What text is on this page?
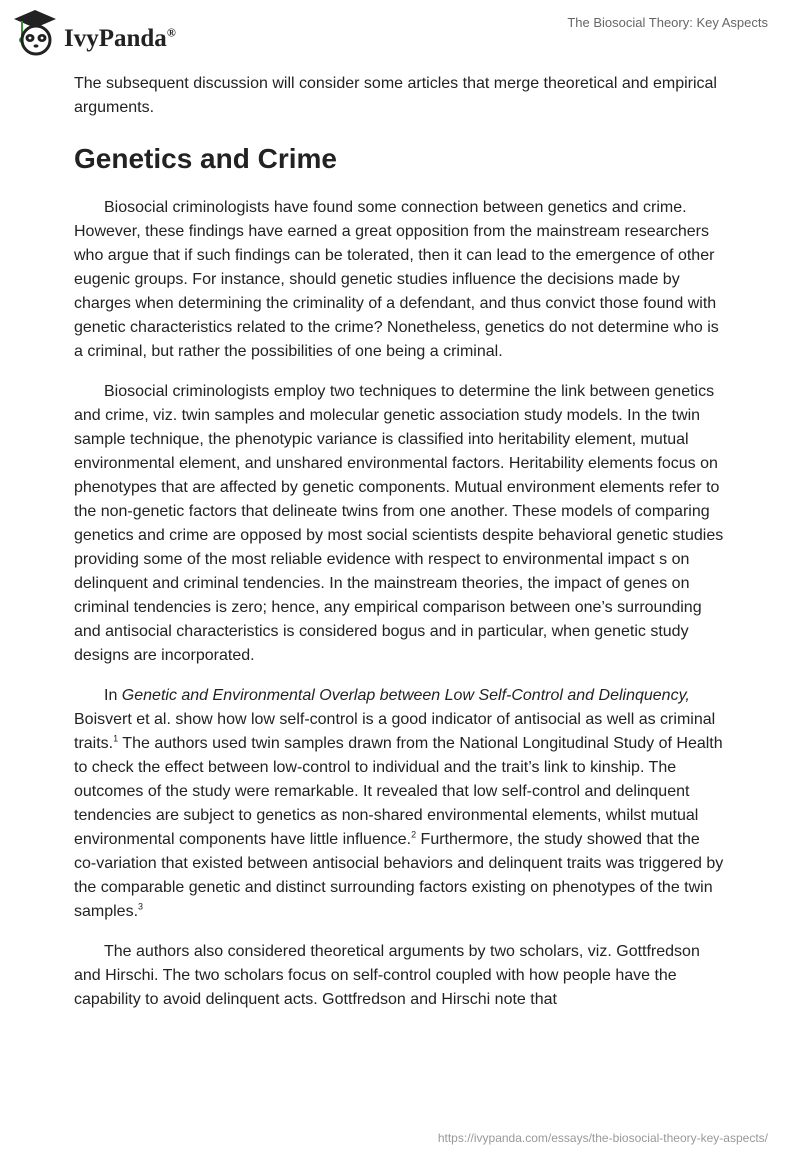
IvyPanda®
The Biosocial Theory: Key Aspects

The subsequent discussion will consider some articles that merge theoretical and empirical arguments.

Genetics and Crime

Biosocial criminologists have found some connection between genetics and crime. However, these findings have earned a great opposition from the mainstream researchers who argue that if such findings can be tolerated, then it can lead to the emergence of other eugenic groups. For instance, should genetic studies influence the decisions made by charges when determining the criminality of a defendant, and thus convict those found with genetic characteristics related to the crime? Nonetheless, genetics do not determine who is a criminal, but rather the possibilities of one being a criminal.

Biosocial criminologists employ two techniques to determine the link between genetics and crime, viz. twin samples and molecular genetic association study models. In the twin sample technique, the phenotypic variance is classified into heritability element, mutual environmental element, and unshared environmental factors. Heritability elements focus on phenotypes that are affected by genetic components. Mutual environment elements refer to the non-genetic factors that delineate twins from one another. These models of comparing genetics and crime are opposed by most social scientists despite behavioral genetic studies providing some of the most reliable evidence with respect to environmental impact s on delinquent and criminal tendencies. In the mainstream theories, the impact of genes on criminal tendencies is zero; hence, any empirical comparison between one’s surrounding and antisocial characteristics is considered bogus and in particular, when genetic study designs are incorporated.

In Genetic and Environmental Overlap between Low Self-Control and Delinquency, Boisvert et al. show how low self-control is a good indicator of antisocial as well as criminal traits.$^1$ The authors used twin samples drawn from the National Longitudinal Study of Health to check the effect between low-control to individual and the trait’s link to kinship. The outcomes of the study were remarkable. It revealed that low self-control and delinquent tendencies are subject to genetics as non-shared environmental elements, whilst mutual environmental components have little influence.$^2$ Furthermore, the study showed that the co-variation that existed between antisocial behaviors and delinquent traits was triggered by the comparable genetic and distinct surrounding factors existing on phenotypes of the twin samples.$^3$

The authors also considered theoretical arguments by two scholars, viz. Gottfredson and Hirschi. The two scholars focus on self-control coupled with how people have the capability to avoid delinquent acts. Gottfredson and Hirschi note that

https://ivypanda.com/essays/the-biosocial-theory-key-aspects/
